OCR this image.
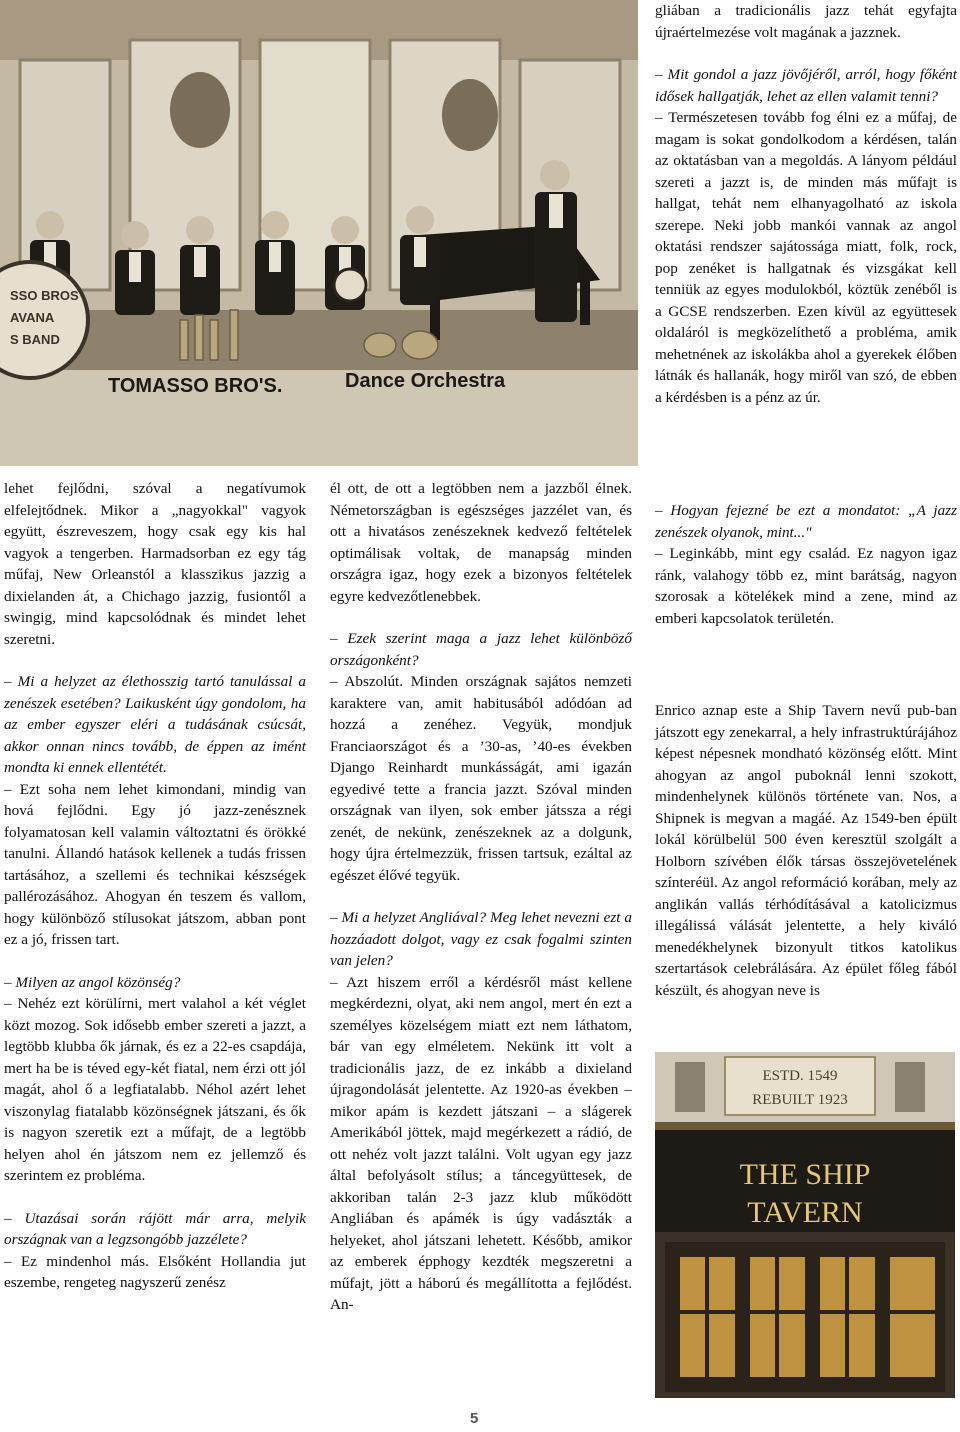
SSO BROS
AVANA
S BAND
TOMASSO BRO'S.	Dance Orchestra

lehet fejlődni, szóval a negatívumok elfelejtődnek. Mikor a „nagyokkal" vagyok együtt, észreveszem, hogy csak egy kis hal vagyok a tengerben. Harmadsorban ez egy tág műfaj, New Orleanstól a klasszikus jazzig a dixielanden át, a Chichago jazzig, fusiontől a swingig, mind kapcsolódnak és mindet lehet szeretni.

– Mi a helyzet az élethosszig tartó tanulással a zenészek esetében? Laikusként úgy gondolom, ha az ember egyszer eléri a tudásának csúcsát, akkor onnan nincs tovább, de éppen az imént mondta ki ennek ellentétét.

– Ezt soha nem lehet kimondani, mindig van hová fejlődni. Egy jó jazz-zenésznek folyamatosan kell valamin változtatni és örökké tanulni. Állandó hatások kellenek a tudás frissen tartásához, a szellemi és technikai készségek pallérozásához. Ahogyan én teszem és vallom, hogy különböző stílusokat játszom, abban pont ez a jó, frissen tart.

– Milyen az angol közönség?

– Nehéz ezt körülírni, mert valahol a két véglet közt mozog. Sok idősebb ember szereti a jazzt, a legtöbb klubba ők járnak, és ez a 22-es csapdája, mert ha be is téved egy-két fiatal, nem érzi ott jól magát, ahol ő a legfiatalabb. Néhol azért lehet viszonylag fiatalabb közönségnek játszani, és ők is nagyon szeretik ezt a műfajt, de a legtöbb helyen ahol én játszom nem ez jellemző és szerintem ez probléma.

– Utazásai során rájött már arra, melyik országnak van a legzsongóbb jazzélete?

– Ez mindenhol más. Elsőként Hollandia jut eszembe, rengeteg nagyszerű zenész

él ott, de ott a legtöbben nem a jazzből élnek. Németországban is egészséges jazzélet van, és ott a hivatásos zenészeknek kedvező feltételek optimálisak voltak, de manapság minden országra igaz, hogy ezek a bizonyos feltételek egyre kedvezőtlenebbek.

– Ezek szerint maga a jazz lehet különböző országonként?

– Abszolút. Minden országnak sajátos nemzeti karaktere van, amit habitusából adódóan ad hozzá a zenéhez. Vegyük, mondjuk Franciaországot és a ’30-as, ’40-es években Django Reinhardt munkásságát, ami igazán egyedivé tette a francia jazzt. Szóval minden országnak van ilyen, sok ember játssza a régi zenét, de nekünk, zenészeknek az a dolgunk, hogy újra értelmezzük, frissen tartsuk, ezáltal az egészet élővé tegyük.

– Mi a helyzet Angliával? Meg lehet nevezni ezt a hozzáadott dolgot, vagy ez csak fogalmi szinten van jelen?

– Azt hiszem erről a kérdésről mást kellene megkérdezni, olyat, aki nem angol, mert én ezt a személyes közelségem miatt ezt nem láthatom, bár van egy elméletem. Nekünk itt volt a tradicionális jazz, de ez inkább a dixieland újragondolását jelentette. Az 1920-as években – mikor apám is kezdett játszani – a slágerek Amerikából jöttek, majd megérkezett a rádió, de ott nehéz volt jazzt találni. Volt ugyan egy jazz által befolyásolt stílus; a táncegyüttesek, de akkoriban talán 2-3 jazz klub működött Angliában és apámék is úgy vadászták a helyeket, ahol játszani lehetett. Később, amikor az emberek épphogy kezdték megszeretni a műfajt, jött a háború és megállította a fejlődést. An-

gliában a tradicionális jazz tehát egyfajta újraértelmezése volt magának a jazznek.

– Mit gondol a jazz jövőjéről, arról, hogy főként idősek hallgatják, lehet az ellen valamit tenni?

– Természetesen tovább fog élni ez a műfaj, de magam is sokat gondolkodom a kérdésen, talán az oktatásban van a megoldás. A lányom például szereti a jazzt is, de minden más műfajt is hallgat, tehát nem elhanyagolható az iskola szerepe. Neki jobb mankói vannak az angol oktatási rendszer sajátossága miatt, folk, rock, pop zenéket is hallgatnak és vizsgákat kell tenniük az egyes modulokból, köztük zenéből is a GCSE rendszerben. Ezen kívül az együttesek oldaláról is megközelíthető a probléma, amik mehetnének az iskolákba ahol a gyerekek élőben látnák és hallanák, hogy miről van szó, de ebben a kérdésben is a pénz az úr.

– Hogyan fejezné be ezt a mondatot: „A jazz zenészek olyanok, mint..."

– Leginkább, mint egy család. Ez nagyon igaz ránk, valahogy több ez, mint barátság, nagyon szorosak a kötelékek mind a zene, mind az emberi kapcsolatok területén.

Enrico aznap este a Ship Tavern nevű pub-ban játszott egy zenekarral, a hely infrastruktúrájához képest népesnek mondható közönség előtt. Mint ahogyan az angol puboknál lenni szokott, mindenhelynek különös története van. Nos, a Shipnek is megvan a magáé. Az 1549-ben épült lokál körülbelül 500 éven keresztül szolgált a Holborn szívében élők társas összejövetelének színteréül. Az angol reformáció korában, mely az anglikán vallás térhódításával a katolicizmus illegálissá válását jelentette, a hely kiváló menedékhelynek bizonyult titkos katolikus szertartások celebrálására. Az épület főleg fából készült, és ahogyan neve is

ESTD. 1549
REBUILT 1923
THE SHIP
TAVERN
5
